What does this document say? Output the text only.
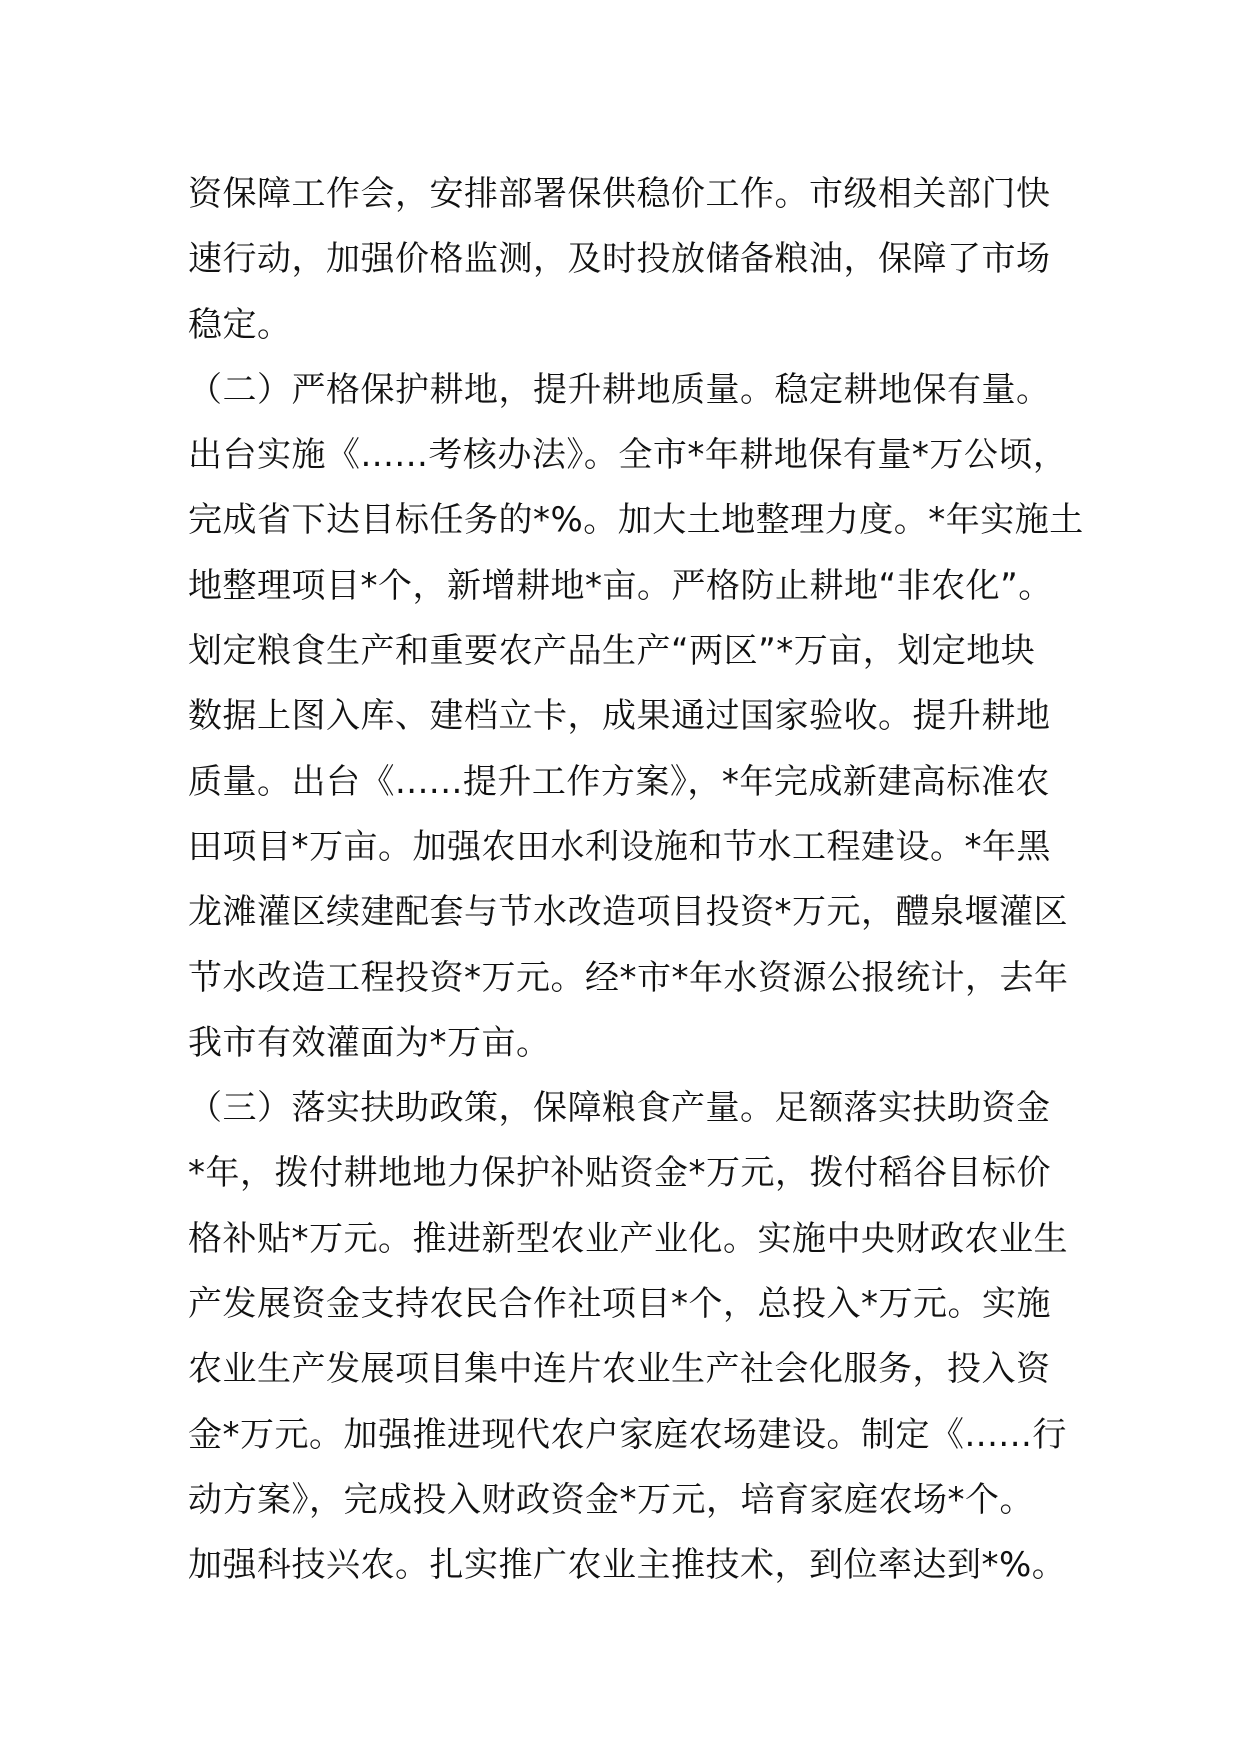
资保障工作会，安排部署保供稳价工作。市级相关部门快
速行动，加强价格监测，及时投放储备粮油，保障了市场
稳定。
（二）严格保护耕地，提升耕地质量。稳定耕地保有量。
出台实施《......考核办法》。全市*年耕地保有量*万公顷，
完成省下达目标任务的*%。加大土地整理力度。*年实施土
地整理项目*个，新增耕地*亩。严格防止耕地“非农化”。
划定粮食生产和重要农产品生产“两区”*万亩，划定地块
数据上图入库、建档立卡，成果通过国家验收。提升耕地
质量。出台《......提升工作方案》，*年完成新建高标准农
田项目*万亩。加强农田水利设施和节水工程建设。*年黑
龙滩灌区续建配套与节水改造项目投资*万元，醴泉堰灌区
节水改造工程投资*万元。经*市*年水资源公报统计，去年
我市有效灌面为*万亩。
（三）落实扶助政策，保障粮食产量。足额落实扶助资金
*年，拨付耕地地力保护补贴资金*万元，拨付稻谷目标价
格补贴*万元。推进新型农业产业化。实施中央财政农业生
产发展资金支持农民合作社项目*个，总投入*万元。实施
农业生产发展项目集中连片农业生产社会化服务，投入资
金*万元。加强推进现代农户家庭农场建设。制定《......行
动方案》，完成投入财政资金*万元，培育家庭农场*个。
加强科技兴农。扎实推广农业主推技术，到位率达到*%。
